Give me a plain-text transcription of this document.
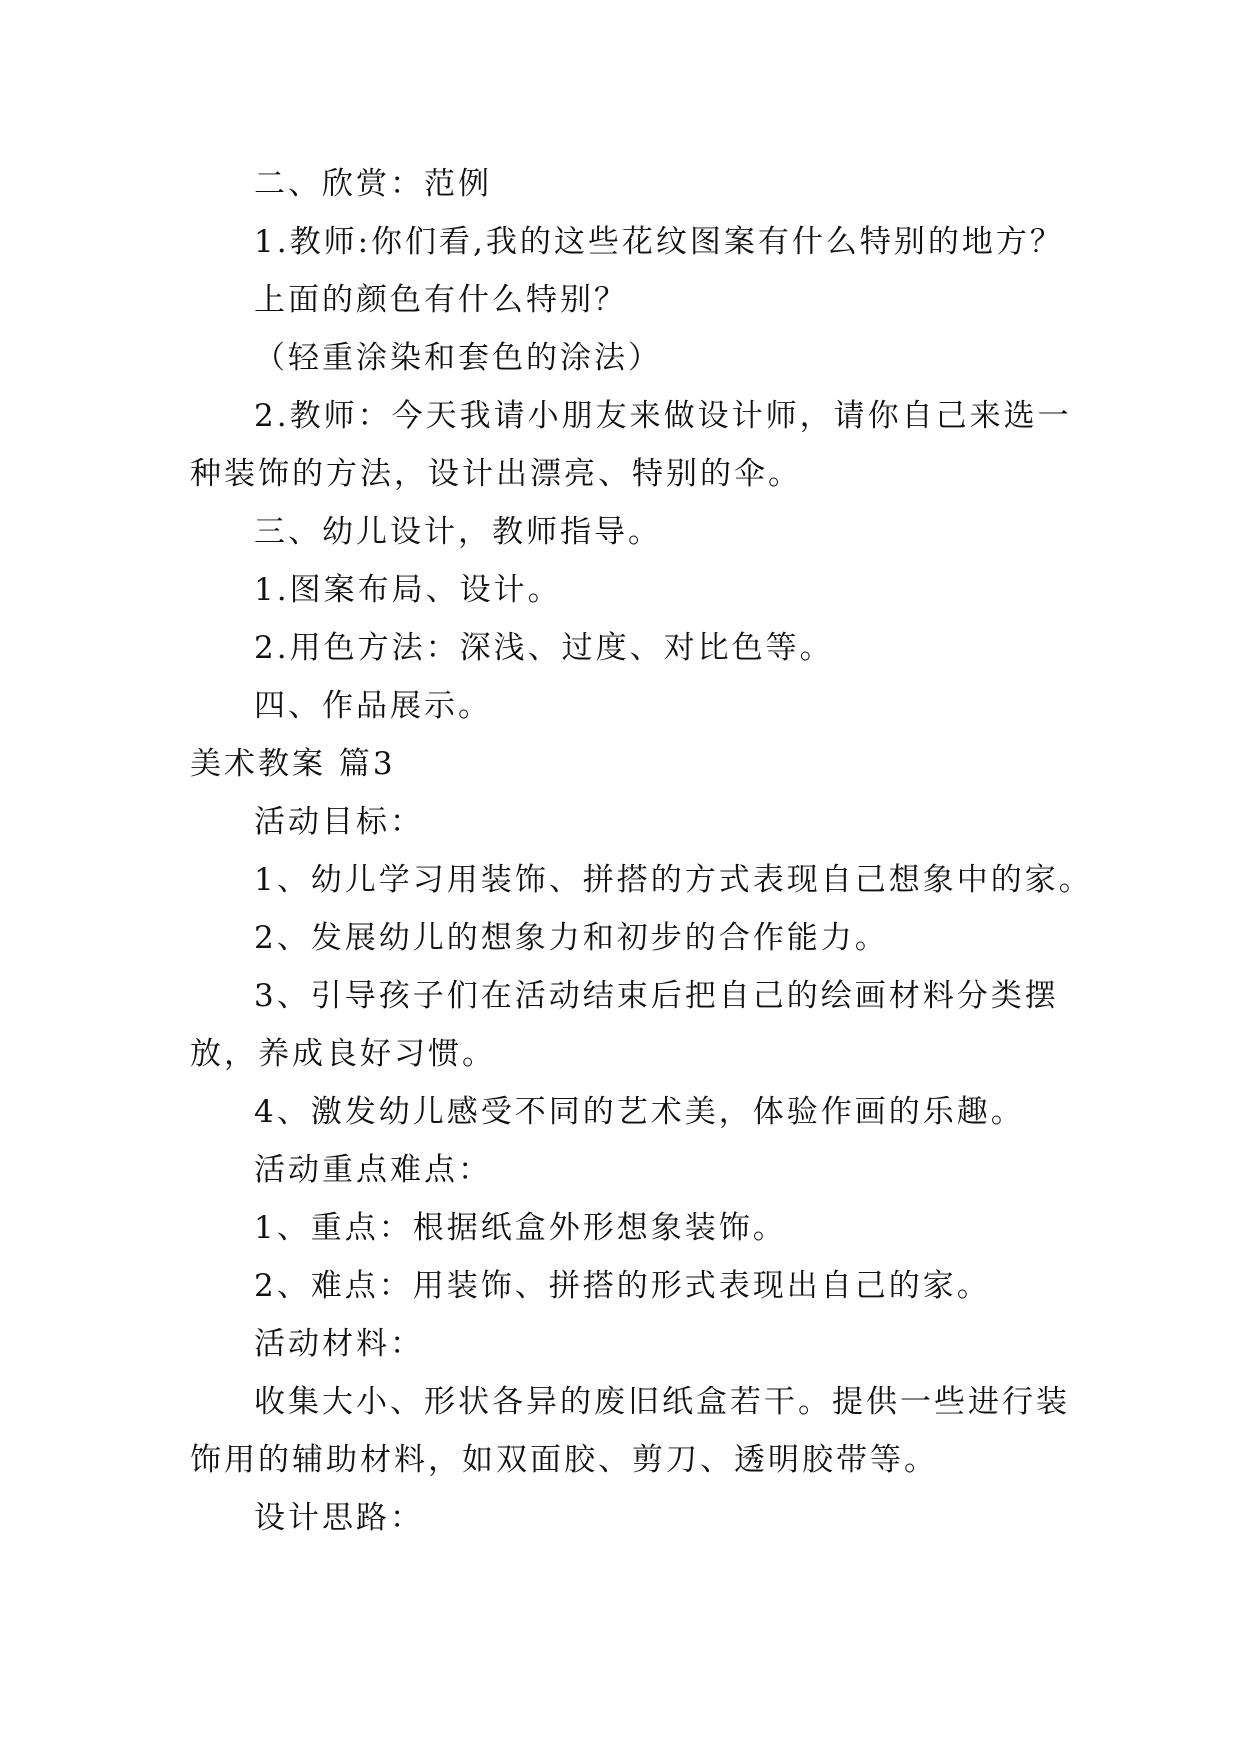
二、欣赏：范例
1.教师:你们看,我的这些花纹图案有什么特别的地方？
上面的颜色有什么特别？
（轻重涂染和套色的涂法）
2.教师：今天我请小朋友来做设计师，请你自己来选一
种装饰的方法，设计出漂亮、特别的伞。
三、幼儿设计，教师指导。
1.图案布局、设计。
2.用色方法：深浅、过度、对比色等。
四、作品展示。
美术教案 篇3
活动目标：
1、幼儿学习用装饰、拼搭的方式表现自己想象中的家。
2、发展幼儿的想象力和初步的合作能力。
3、引导孩子们在活动结束后把自己的绘画材料分类摆
放，养成良好习惯。
4、激发幼儿感受不同的艺术美，体验作画的乐趣。
活动重点难点：
1、重点：根据纸盒外形想象装饰。
2、难点：用装饰、拼搭的形式表现出自己的家。
活动材料：
收集大小、形状各异的废旧纸盒若干。提供一些进行装
饰用的辅助材料，如双面胶、剪刀、透明胶带等。
设计思路：
